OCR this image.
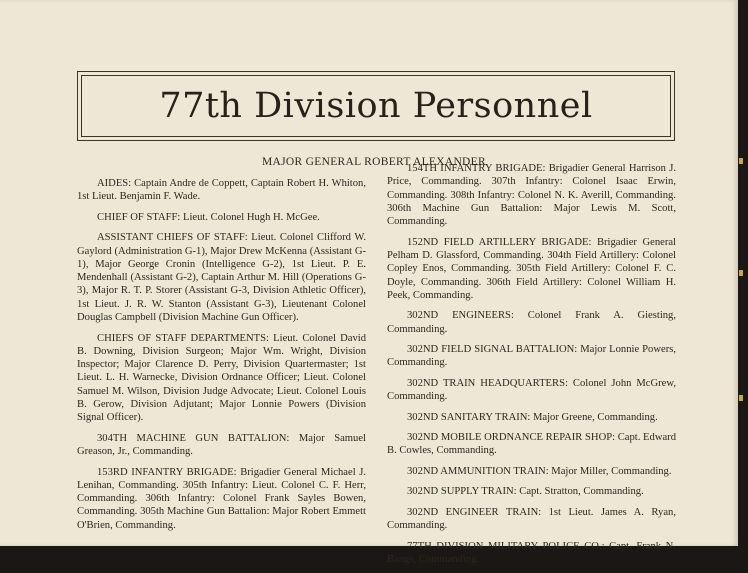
77th Division Personnel
MAJOR GENERAL ROBERT ALEXANDER

AIDES: Captain Andre de Coppett, Captain Robert H. Whiton, 1st Lieut. Benjamin F. Wade.

CHIEF OF STAFF: Lieut. Colonel Hugh H. McGee.

ASSISTANT CHIEFS OF STAFF: Lieut. Colonel Clifford W. Gaylord (Administration G-1), Major Drew McKenna (Assistant G-1), Major George Cronin (Intelligence G-2), 1st Lieut. P. E. Mendenhall (Assistant G-2), Captain Arthur M. Hill (Operations G-3), Major R. T. P. Storer (Assistant G-3, Division Athletic Officer), 1st Lieut. J. R. W. Stanton (Assistant G-3), Lieutenant Colonel Douglas Campbell (Division Machine Gun Officer).

CHIEFS OF STAFF DEPARTMENTS: Lieut. Colonel David B. Downing, Division Surgeon; Major Wm. Wright, Division Inspector; Major Clarence D. Perry, Division Quartermaster; 1st Lieut. L. H. Warnecke, Division Ordnance Officer; Lieut. Colonel Samuel M. Wilson, Division Judge Advocate; Lieut. Colonel Louis B. Gerow, Division Adjutant; Major Lonnie Powers (Division Signal Officer).

304TH MACHINE GUN BATTALION: Major Samuel Greason, Jr., Commanding.

153RD INFANTRY BRIGADE: Brigadier General Michael J. Lenihan, Commanding. 305th Infantry: Lieut. Colonel C. F. Herr, Commanding. 306th Infantry: Colonel Frank Sayles Bowen, Commanding. 305th Machine Gun Battalion: Major Robert Emmett O'Brien, Commanding.

154TH INFANTRY BRIGADE: Brigadier General Harrison J. Price, Commanding. 307th Infantry: Colonel Isaac Erwin, Commanding. 308th Infantry: Colonel N. K. Averill, Commanding. 306th Machine Gun Battalion: Major Lewis M. Scott, Commanding.

152ND FIELD ARTILLERY BRIGADE: Brigadier General Pelham D. Glassford, Commanding. 304th Field Artillery: Colonel Copley Enos, Commanding. 305th Field Artillery: Colonel F. C. Doyle, Commanding. 306th Field Artillery: Colonel William H. Peek, Commanding.

302ND ENGINEERS: Colonel Frank A. Giesting, Commanding.

302ND FIELD SIGNAL BATTALION: Major Lonnie Powers, Commanding.

302ND TRAIN HEADQUARTERS: Colonel John McGrew, Commanding.

302ND SANITARY TRAIN: Major Greene, Commanding.

302ND MOBILE ORDNANCE REPAIR SHOP: Capt. Edward B. Cowles, Commanding.

302ND AMMUNITION TRAIN: Major Miller, Commanding.

302ND SUPPLY TRAIN: Capt. Stratton, Commanding.

302ND ENGINEER TRAIN: 1st Lieut. James A. Ryan, Commanding.

77TH DIVISION MILITARY POLICE CO.: Capt. Frank N. Bangs, Commanding.
